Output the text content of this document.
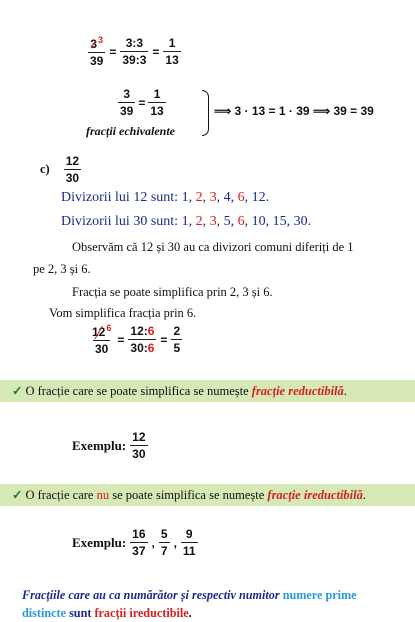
$\frac{3^3}{39} = \frac{3:3}{39:3} = \frac{1}{13}$
$\frac{3}{39} = \frac{1}{13}$
fracții echivalente
⟹ 3 · 13 = 1 · 39 ⟹ 39 = 39
$c) \frac{12}{30}$
Divizorii lui 12 sunt: 1, 2, 3, 4, 6, 12.
Divizorii lui 30 sunt: 1, 2, 3, 5, 6, 10, 15, 30.
Observăm că 12 și 30 au ca divizori comuni diferiți de 1
pe 2, 3 și 6.
Fracția se poate simplifica prin 2, 3 și 6.
Vom simplifica fracția prin 6.
$\frac{12^6}{30} = \frac{12:6}{30:6} = \frac{2}{5}$
✓ O fracție care se poate simplifica se numește fracție reductibilă.
Exemplu: $\frac{12}{30}$
✓ O fracție care nu se poate simplifica se numește fracție ireductibilă.
Exemplu: $\frac{16}{37}$ , $\frac{5}{7}$ , $\frac{9}{11}$
Fracțiile care au ca numărător și respectiv numitor numere prime
distincte sunt fracții ireductibile.
